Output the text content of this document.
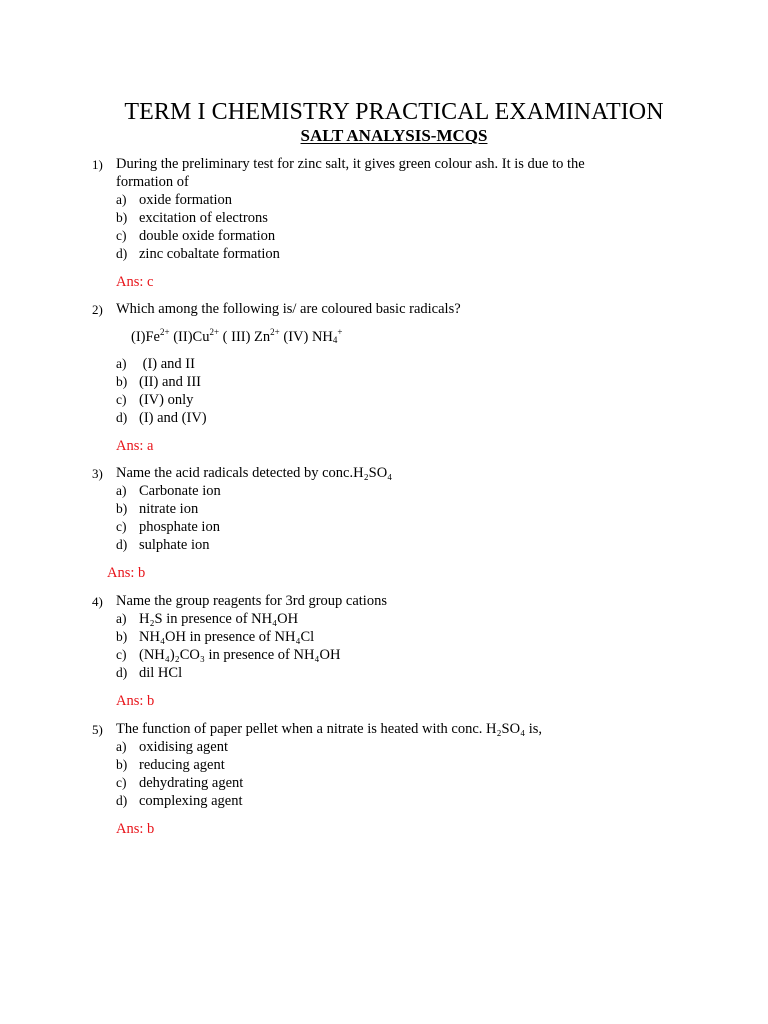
TERM I CHEMISTRY PRACTICAL EXAMINATION
SALT ANALYSIS-MCQS
1) During the preliminary test for zinc salt, it gives green colour ash. It is due to the formation of
a) oxide formation
b) excitation of electrons
c) double oxide formation
d) zinc cobaltate formation
Ans: c
2) Which among the following is/ are coloured basic radicals?
$(I)Fe^{2+}$ $(II)Cu^{2+}$ ( III) $Zn^{2+}$ (IV) $NH_4^+$
a) (I) and II
b) (II) and III
c) (IV) only
d) (I) and (IV)
Ans: a
3) Name the acid radicals detected by conc.H₂SO₄
a) Carbonate ion
b) nitrate ion
c) phosphate ion
d) sulphate ion
Ans: b
4) Name the group reagents for 3rd group cations
a) H₂S in presence of NH₄OH
b) NH₄OH in presence of NH₄Cl
c) (NH₄)₂CO₃ in presence of NH₄OH
d) dil HCl
Ans: b
5) The function of paper pellet when a nitrate is heated with conc. H₂SO₄ is,
a) oxidising agent
b) reducing agent
c) dehydrating agent
d) complexing agent
Ans: b
